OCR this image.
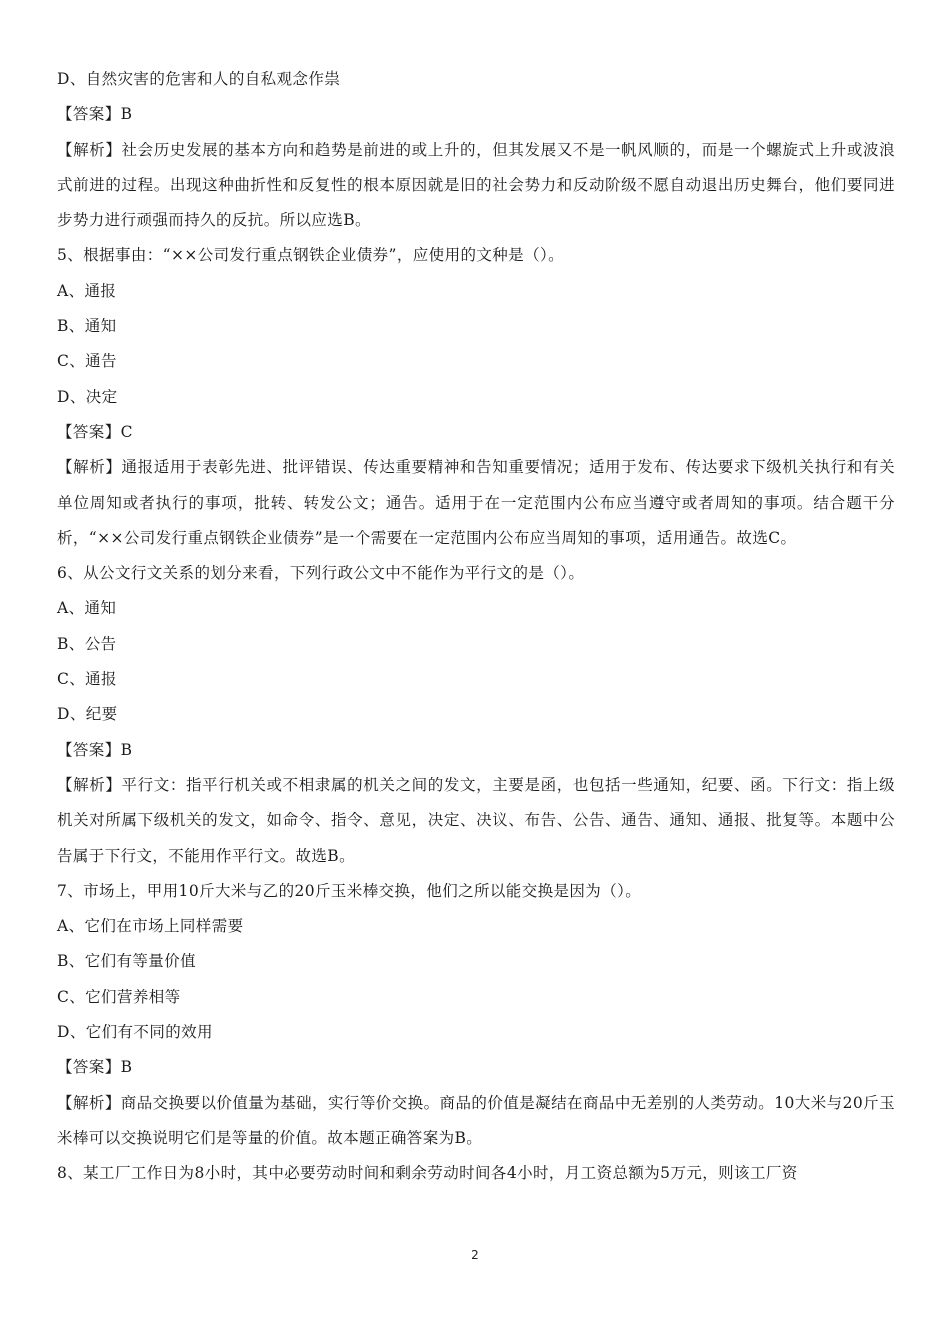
D、自然灾害的危害和人的自私观念作祟
【答案】B
【解析】社会历史发展的基本方向和趋势是前进的或上升的，但其发展又不是一帆风顺的，而是一个螺旋式上升或波浪式前进的过程。出现这种曲折性和反复性的根本原因就是旧的社会势力和反动阶级不愿自动退出历史舞台，他们要同进步势力进行顽强而持久的反抗。所以应选B。
5、根据事由：“××公司发行重点钢铁企业债券”，应使用的文种是（）。
A、通报
B、通知
C、通告
D、决定
【答案】C
【解析】通报适用于表彰先进、批评错误、传达重要精神和告知重要情况；适用于发布、传达要求下级机关执行和有关单位周知或者执行的事项，批转、转发公文；通告。适用于在一定范围内公布应当遵守或者周知的事项。结合题干分析，“××公司发行重点钢铁企业债券”是一个需要在一定范围内公布应当周知的事项，适用通告。故选C。
6、从公文行文关系的划分来看，下列行政公文中不能作为平行文的是（）。
A、通知
B、公告
C、通报
D、纪要
【答案】B
【解析】平行文：指平行机关或不相隶属的机关之间的发文，主要是函，也包括一些通知，纪要、函。下行文：指上级机关对所属下级机关的发文，如命令、指令、意见，决定、决议、布告、公告、通告、通知、通报、批复等。本题中公告属于下行文，不能用作平行文。故选B。
7、市场上，甲用10斤大米与乙的20斤玉米棒交换，他们之所以能交换是因为（）。
A、它们在市场上同样需要
B、它们有等量价值
C、它们营养相等
D、它们有不同的效用
【答案】B
【解析】商品交换要以价值量为基础，实行等价交换。商品的价值是凝结在商品中无差别的人类劳动。10大米与20斤玉米棒可以交换说明它们是等量的价值。故本题正确答案为B。
8、某工厂工作日为8小时，其中必要劳动时间和剩余劳动时间各4小时，月工资总额为5万元，则该工厂资
2
